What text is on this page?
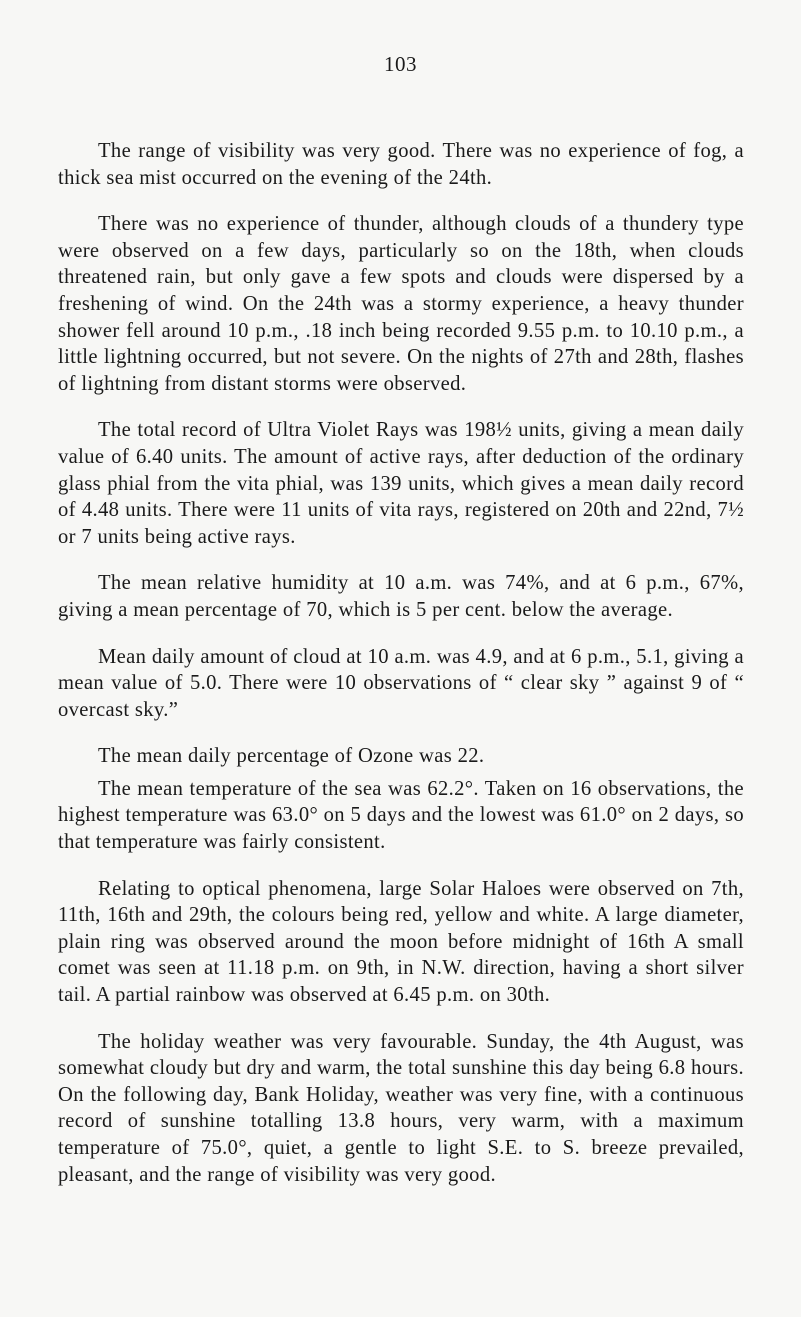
103

The range of visibility was very good. There was no experience of fog, a thick sea mist occurred on the evening of the 24th.

There was no experience of thunder, although clouds of a thundery type were observed on a few days, particularly so on the 18th, when clouds threatened rain, but only gave a few spots and clouds were dispersed by a freshening of wind. On the 24th was a stormy experience, a heavy thunder shower fell around 10 p.m., .18 inch being recorded 9.55 p.m. to 10.10 p.m., a little lightning occurred, but not severe. On the nights of 27th and 28th, flashes of lightning from distant storms were observed.

The total record of Ultra Violet Rays was 198½ units, giving a mean daily value of 6.40 units. The amount of active rays, after deduction of the ordinary glass phial from the vita phial, was 139 units, which gives a mean daily record of 4.48 units. There were 11 units of vita rays, registered on 20th and 22nd, 7½ or 7 units being active rays.

The mean relative humidity at 10 a.m. was 74%, and at 6 p.m., 67%, giving a mean percentage of 70, which is 5 per cent. below the average.

Mean daily amount of cloud at 10 a.m. was 4.9, and at 6 p.m., 5.1, giving a mean value of 5.0. There were 10 observations of “ clear sky ” against 9 of “ overcast sky.”

The mean daily percentage of Ozone was 22.

The mean temperature of the sea was 62.2°. Taken on 16 observations, the highest temperature was 63.0° on 5 days and the lowest was 61.0° on 2 days, so that temperature was fairly consistent.

Relating to optical phenomena, large Solar Haloes were observed on 7th, 11th, 16th and 29th, the colours being red, yellow and white. A large diameter, plain ring was observed around the moon before midnight of 16th A small comet was seen at 11.18 p.m. on 9th, in N.W. direction, having a short silver tail. A partial rainbow was observed at 6.45 p.m. on 30th.

The holiday weather was very favourable. Sunday, the 4th August, was somewhat cloudy but dry and warm, the total sunshine this day being 6.8 hours. On the following day, Bank Holiday, weather was very fine, with a continuous record of sunshine totalling 13.8 hours, very warm, with a maximum temperature of 75.0°, quiet, a gentle to light S.E. to S. breeze prevailed, pleasant, and the range of visibility was very good.
